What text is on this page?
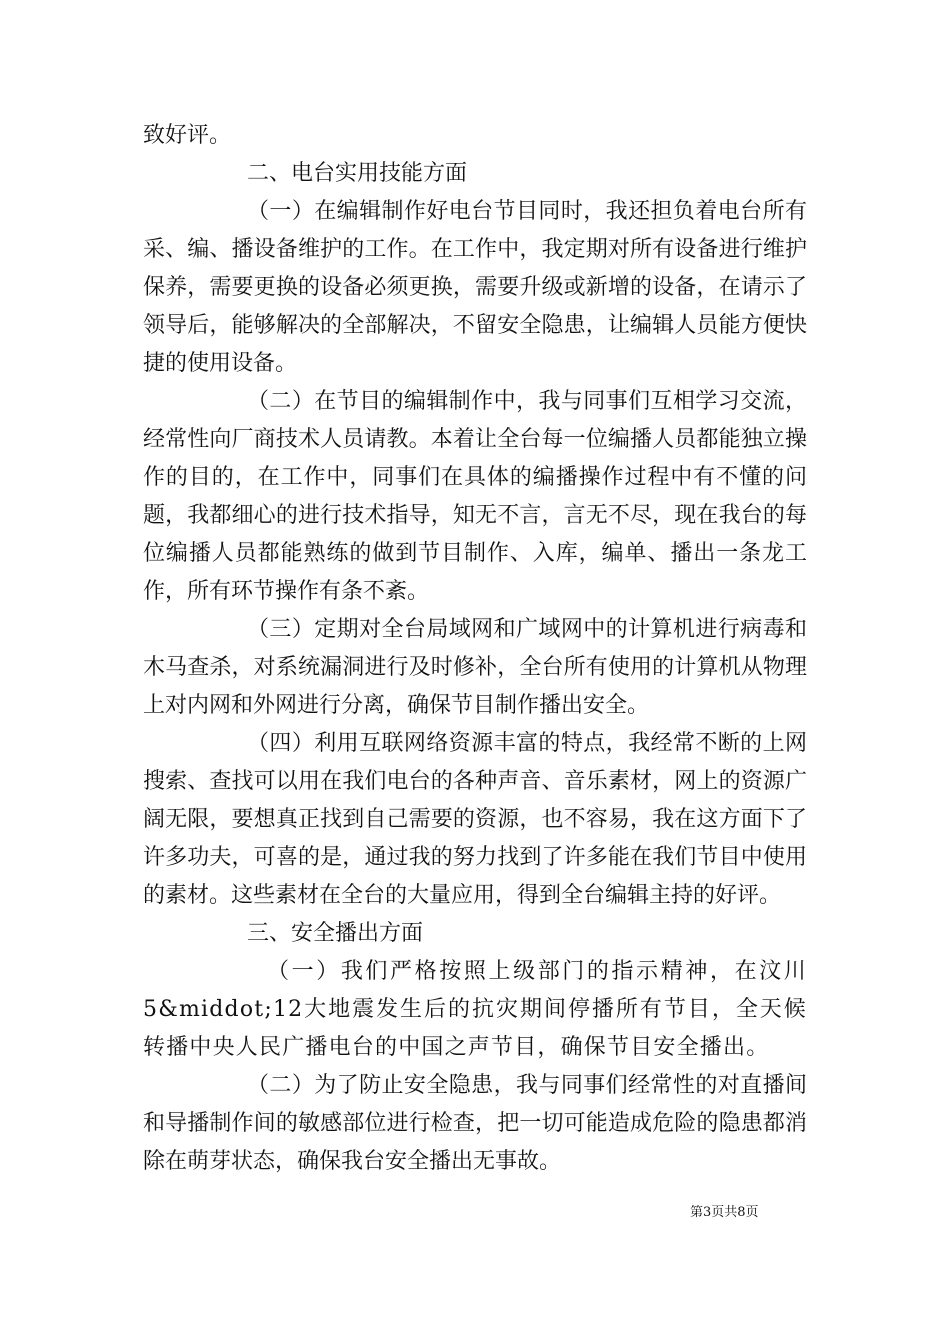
致好评。

二、电台实用技能方面

（一）在编辑制作好电台节目同时，我还担负着电台所有采、编、播设备维护的工作。在工作中，我定期对所有设备进行维护保养，需要更换的设备必须更换，需要升级或新增的设备，在请示了领导后，能够解决的全部解决，不留安全隐患，让编辑人员能方便快捷的使用设备。

（二）在节目的编辑制作中，我与同事们互相学习交流，经常性向厂商技术人员请教。本着让全台每一位编播人员都能独立操作的目的，在工作中，同事们在具体的编播操作过程中有不懂的问题，我都细心的进行技术指导，知无不言，言无不尽，现在我台的每位编播人员都能熟练的做到节目制作、入库，编单、播出一条龙工作，所有环节操作有条不紊。

（三）定期对全台局域网和广域网中的计算机进行病毒和木马查杀，对系统漏洞进行及时修补，全台所有使用的计算机从物理上对内网和外网进行分离，确保节目制作播出安全。

（四）利用互联网络资源丰富的特点，我经常不断的上网搜索、查找可以用在我们电台的各种声音、音乐素材，网上的资源广阔无限，要想真正找到自己需要的资源，也不容易，我在这方面下了许多功夫，可喜的是，通过我的努力找到了许多能在我们节目中使用的素材。这些素材在全台的大量应用，得到全台编辑主持的好评。

三、安全播出方面

（一）我们严格按照上级部门的指示精神，在汶川5&middot;12大地震发生后的抗灾期间停播所有节目，全天候转播中央人民广播电台的中国之声节目，确保节目安全播出。

（二）为了防止安全隐患，我与同事们经常性的对直播间和导播制作间的敏感部位进行检查，把一切可能造成危险的隐患都消除在萌芽状态，确保我台安全播出无事故。

第3页共8页
